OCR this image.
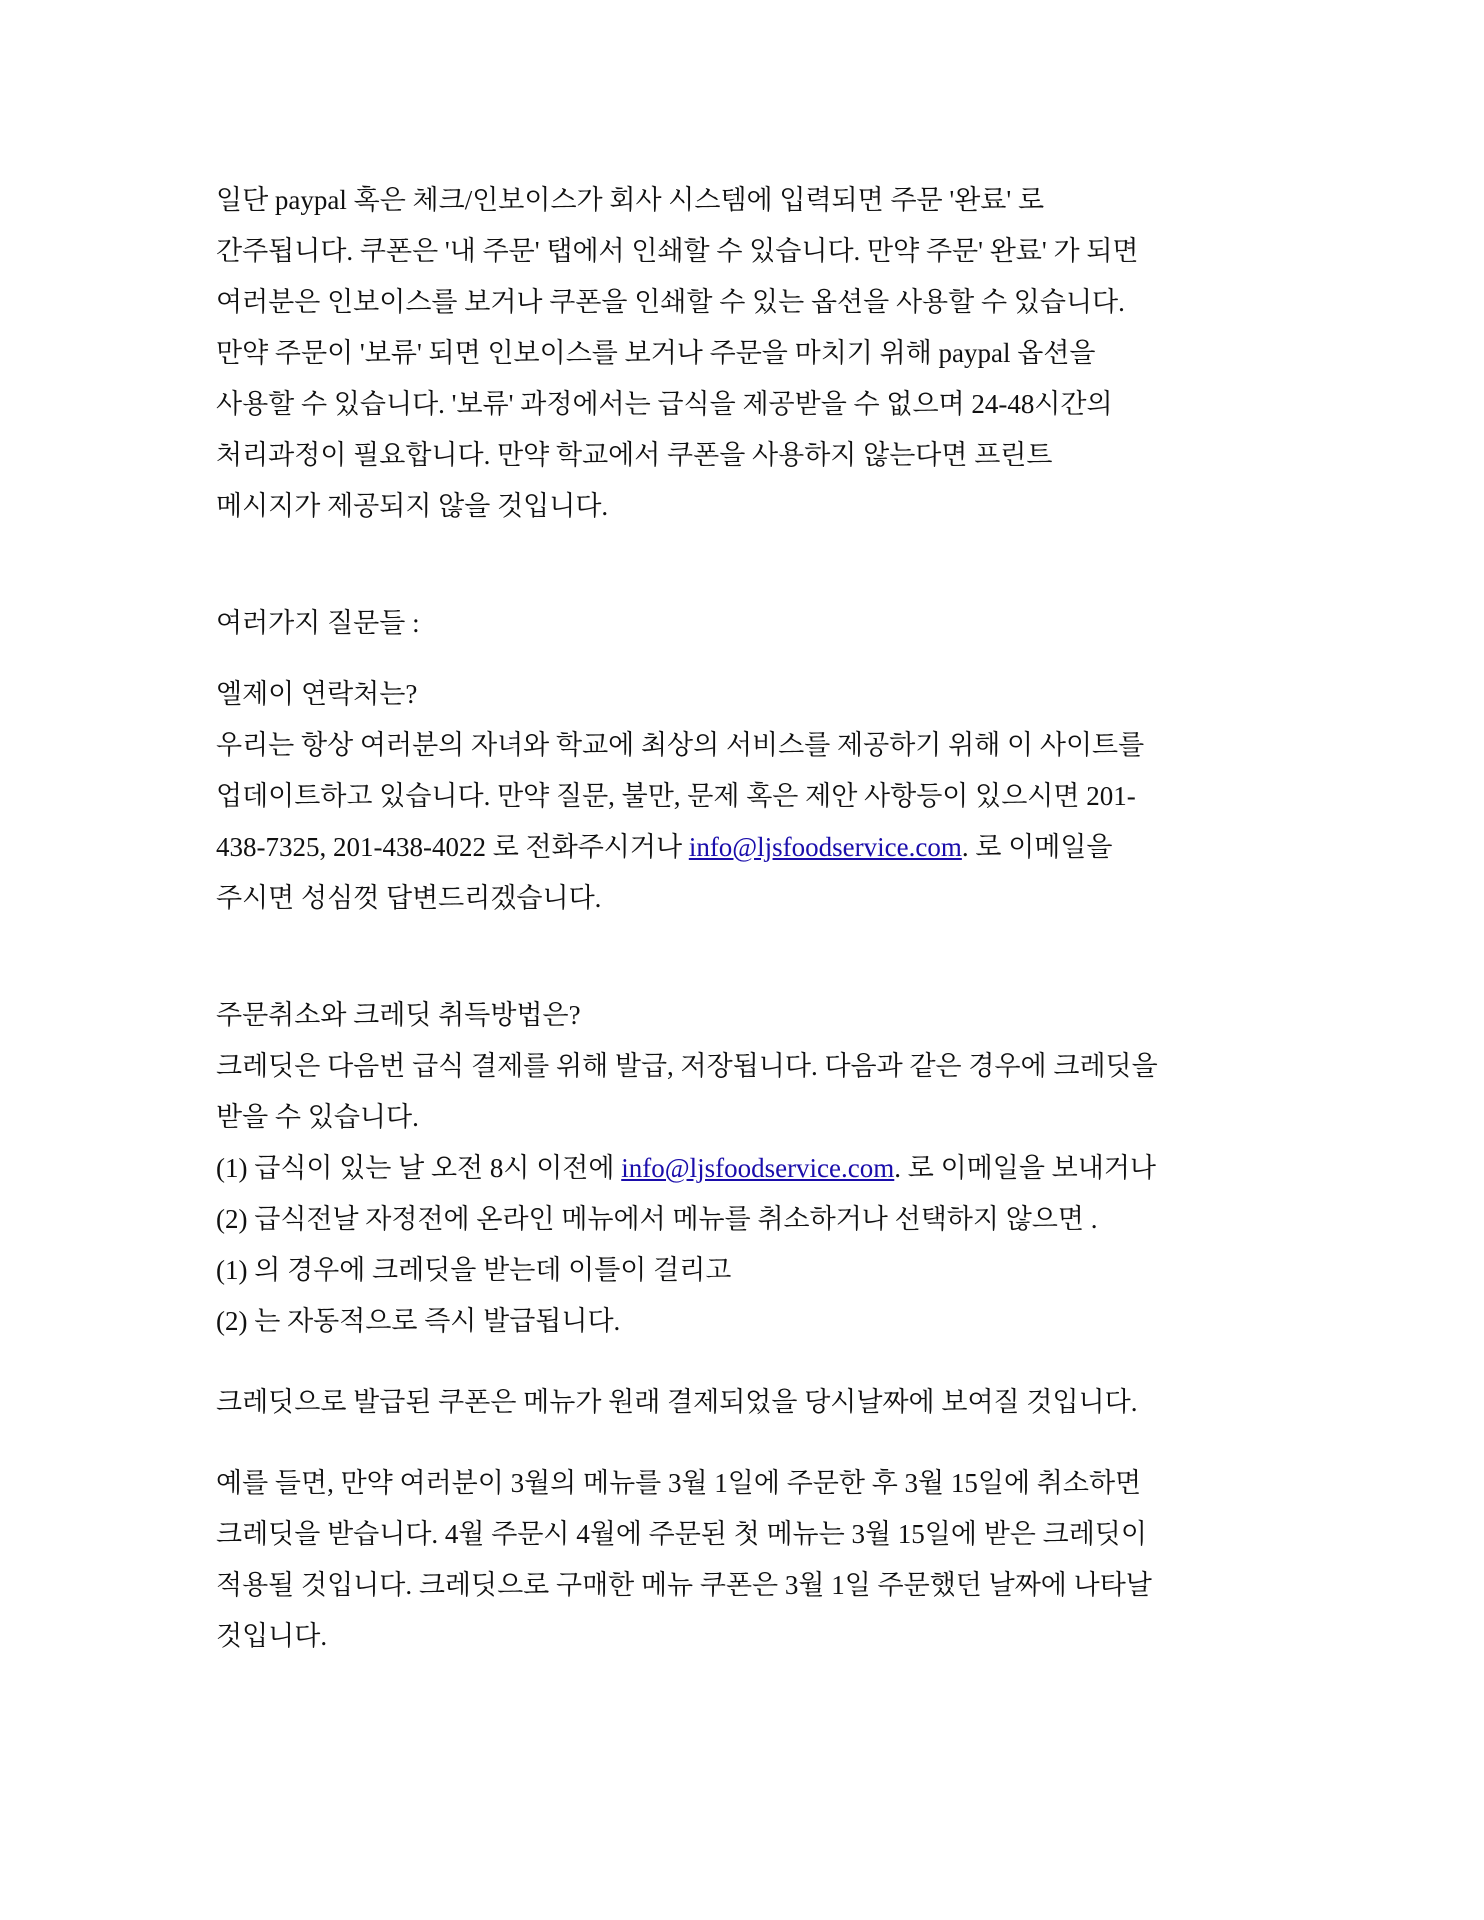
일단 paypal 혹은 체크/인보이스가 회사 시스템에 입력되면 주문 '완료' 로
간주됩니다. 쿠폰은 '내 주문' 탭에서 인쇄할 수 있습니다. 만약 주문' 완료' 가 되면
여러분은 인보이스를 보거나 쿠폰을 인쇄할 수 있는 옵션을 사용할 수 있습니다.
만약 주문이 '보류' 되면 인보이스를 보거나 주문을 마치기 위해 paypal 옵션을
사용할 수 있습니다. '보류' 과정에서는 급식을 제공받을 수 없으며 24-48시간의
처리과정이 필요합니다. 만약 학교에서 쿠폰을 사용하지 않는다면 프린트
메시지가 제공되지 않을 것입니다.

여러가지 질문들 :

엘제이 연락처는?
우리는 항상 여러분의 자녀와 학교에 최상의 서비스를 제공하기 위해 이 사이트를
업데이트하고 있습니다. 만약 질문, 불만, 문제 혹은 제안 사항등이 있으시면 201-
438-7325, 201-438-4022 로 전화주시거나 info@ljsfoodservice.com. 로 이메일을
주시면 성심껏 답변드리겠습니다.

주문취소와 크레딧 취득방법은?
크레딧은 다음번 급식 결제를 위해 발급, 저장됩니다. 다음과 같은 경우에 크레딧을
받을 수 있습니다.
(1) 급식이 있는 날 오전 8시 이전에 info@ljsfoodservice.com. 로 이메일을 보내거나
(2) 급식전날 자정전에 온라인 메뉴에서 메뉴를 취소하거나 선택하지 않으면 .
(1) 의 경우에 크레딧을 받는데 이틀이 걸리고
(2) 는 자동적으로 즉시 발급됩니다.

크레딧으로 발급된 쿠폰은 메뉴가 원래 결제되었을 당시날짜에 보여질 것입니다.

예를 들면, 만약 여러분이 3월의 메뉴를 3월 1일에 주문한 후 3월 15일에 취소하면
크레딧을 받습니다. 4월 주문시 4월에 주문된 첫 메뉴는 3월 15일에 받은 크레딧이
적용될 것입니다. 크레딧으로 구매한 메뉴 쿠폰은 3월 1일 주문했던 날짜에 나타날
것입니다.
